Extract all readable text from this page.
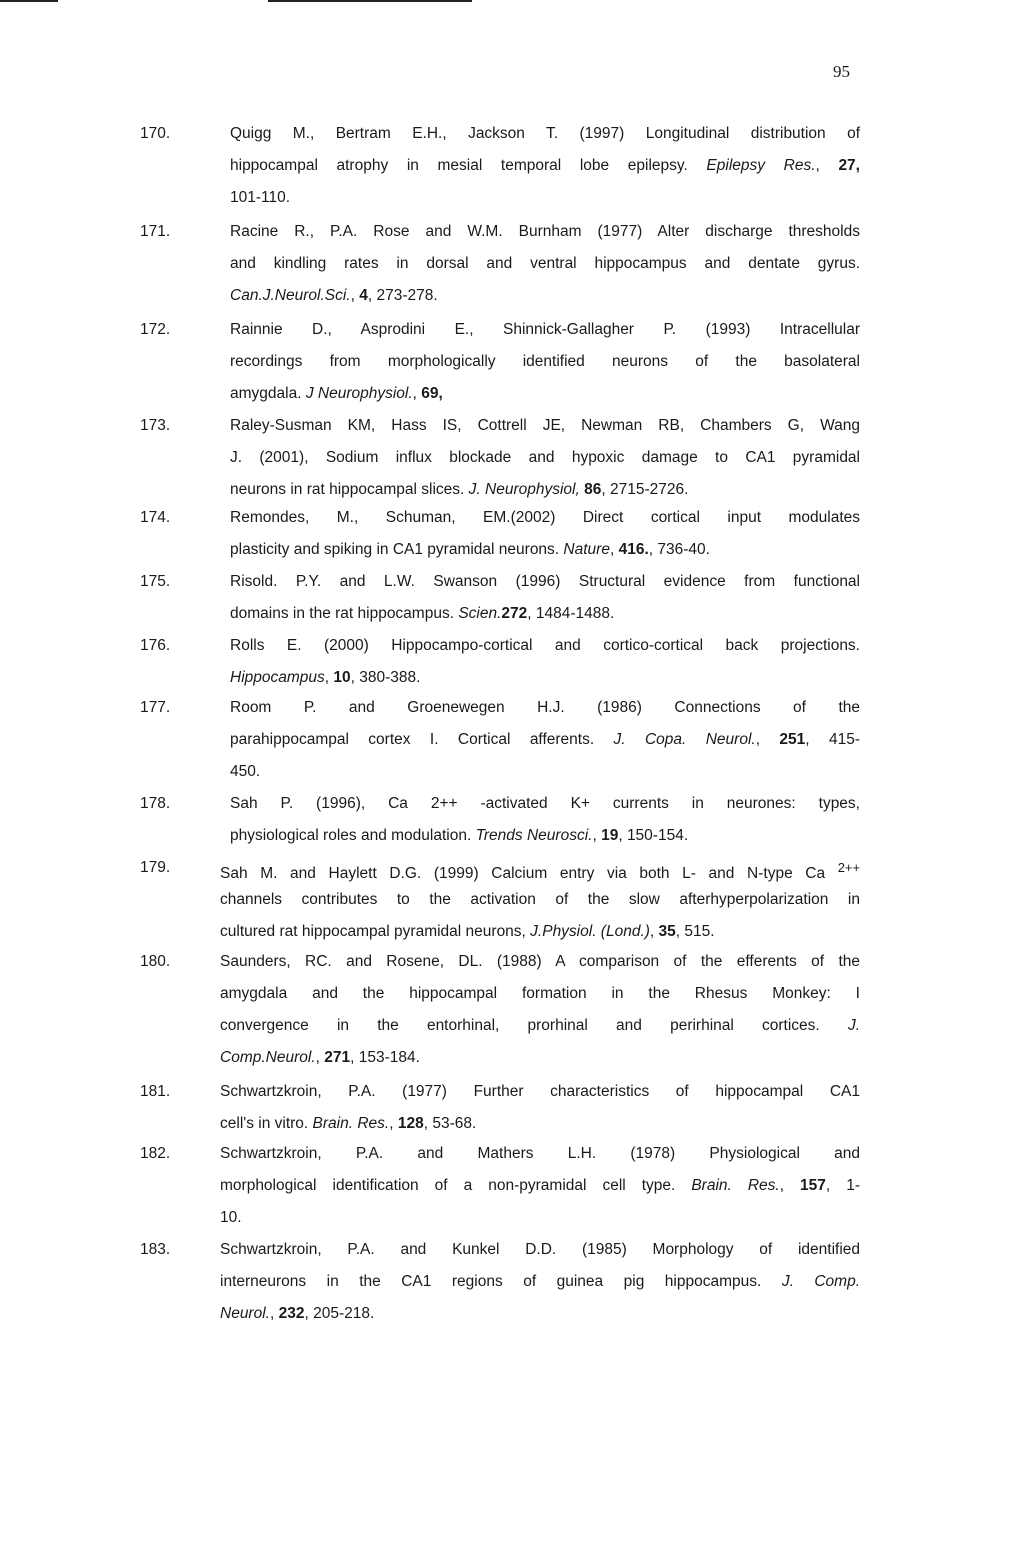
95
170.	Quigg M., Bertram E.H., Jackson T. (1997) Longitudinal distribution of
hippocampal atrophy in mesial temporal lobe epilepsy. Epilepsy Res., 27,
101-110.
171.	Racine R., P.A. Rose and W.M. Burnham (1977) Alter discharge thresholds
and kindling rates in dorsal and ventral hippocampus and dentate gyrus.
Can.J.Neurol.Sci., 4, 273-278.
172.	Rainnie D., Asprodini E., Shinnick-Gallagher P. (1993) Intracellular
recordings from morphologically identified neurons of the basolateral
amygdala. J Neurophysiol., 69,
173.	Raley-Susman KM, Hass IS, Cottrell JE, Newman RB, Chambers G, Wang
J. (2001), Sodium influx blockade and hypoxic damage to CA1 pyramidal
neurons in rat hippocampal slices. J. Neurophysiol, 86, 2715-2726.
174.	Remondes, M., Schuman, EM.(2002) Direct cortical input modulates
plasticity and spiking in CA1 pyramidal neurons. Nature, 416., 736-40.
175.	Risold. P.Y. and L.W. Swanson (1996) Structural evidence from functional
domains in the rat hippocampus. Scien.272, 1484-1488.
176.	Rolls E. (2000) Hippocampo-cortical and cortico-cortical back projections.
Hippocampus, 10, 380-388.
177.	Room P. and Groenewegen H.J. (1986) Connections of the
parahippocampal cortex I. Cortical afferents. J. Copa. Neurol., 251, 415-
450.
178.	Sah P. (1996), Ca 2++ -activated K+ currents in neurones: types,
physiological roles and modulation. Trends Neurosci., 19, 150-154.
179.	Sah M. and Haylett D.G. (1999) Calcium entry via both L- and N-type Ca $^{2++}$
channels contributes to the activation of the slow afterhyperpolarization in
cultured rat hippocampal pyramidal neurons, J.Physiol. (Lond.), 35, 515.
180.	Saunders, RC. and Rosene, DL. (1988) A comparison of the efferents of the
amygdala and the hippocampal formation in the Rhesus Monkey: I
convergence in the entorhinal, prorhinal and perirhinal cortices. J.
Comp.Neurol., 271, 153-184.
181.	Schwartzkroin, P.A. (1977) Further characteristics of hippocampal CA1
cell's in vitro. Brain. Res., 128, 53-68.
182.	Schwartzkroin, P.A. and Mathers L.H. (1978) Physiological and
morphological identification of a non-pyramidal cell type. Brain. Res., 157, 1-
10.
183.	Schwartzkroin, P.A. and Kunkel D.D. (1985) Morphology of identified
interneurons in the CA1 regions of guinea pig hippocampus. J. Comp.
Neurol., 232, 205-218.
